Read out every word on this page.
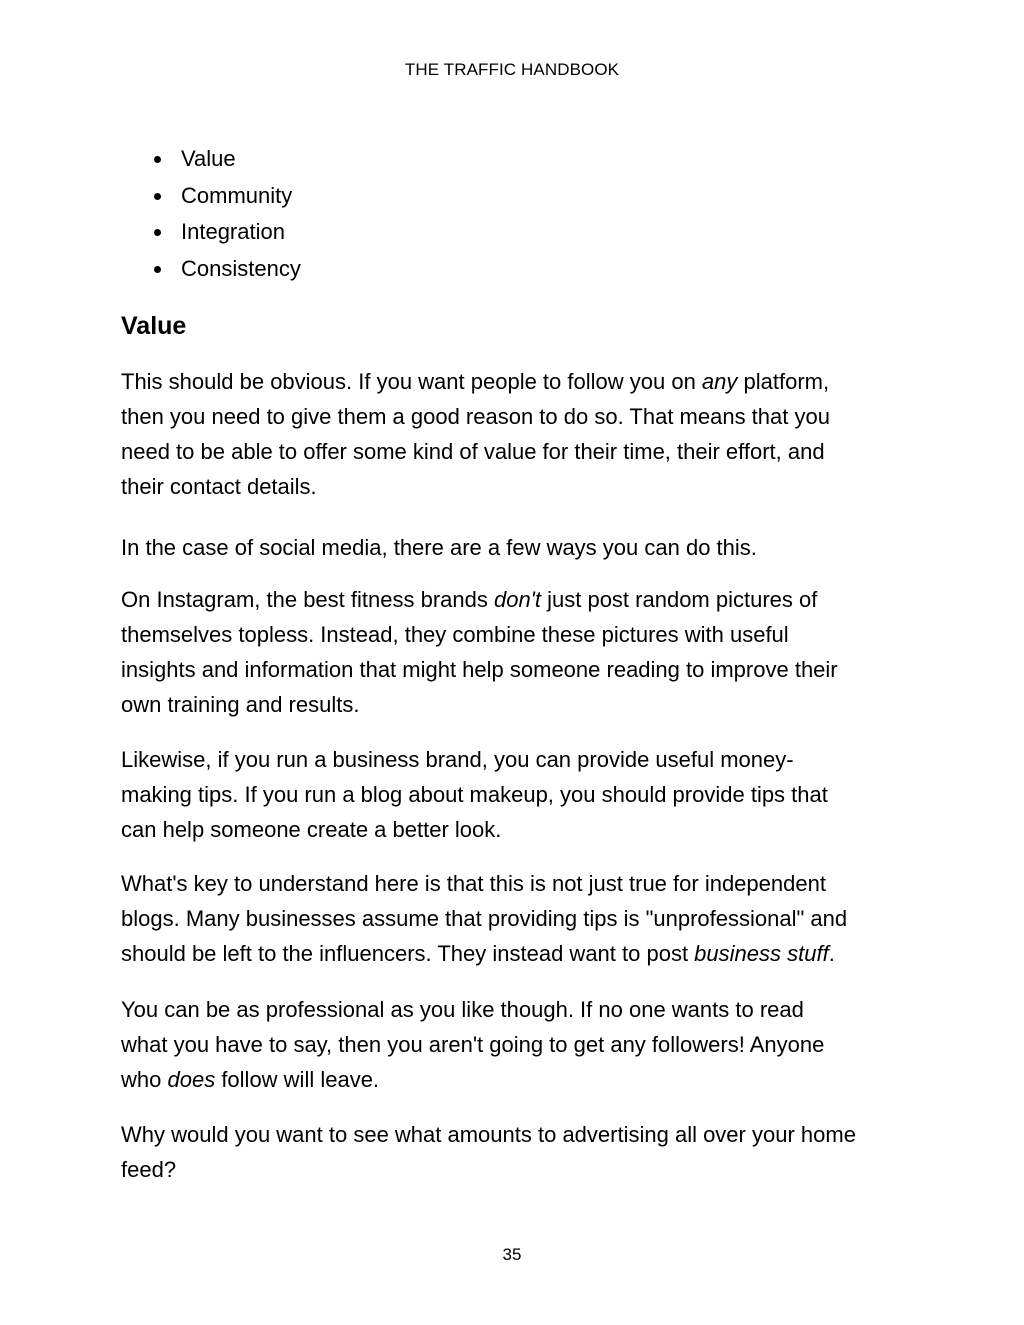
THE TRAFFIC HANDBOOK
Value
Community
Integration
Consistency
Value

This should be obvious. If you want people to follow you on any platform,
then you need to give them a good reason to do so. That means that you
need to be able to offer some kind of value for their time, their effort, and
their contact details.

In the case of social media, there are a few ways you can do this.

On Instagram, the best fitness brands don't just post random pictures of
themselves topless. Instead, they combine these pictures with useful
insights and information that might help someone reading to improve their
own training and results.

Likewise, if you run a business brand, you can provide useful money-
making tips. If you run a blog about makeup, you should provide tips that
can help someone create a better look.

What's key to understand here is that this is not just true for independent
blogs. Many businesses assume that providing tips is "unprofessional" and
should be left to the influencers. They instead want to post business stuff.

You can be as professional as you like though. If no one wants to read
what you have to say, then you aren't going to get any followers! Anyone
who does follow will leave.

Why would you want to see what amounts to advertising all over your home
feed?

35
